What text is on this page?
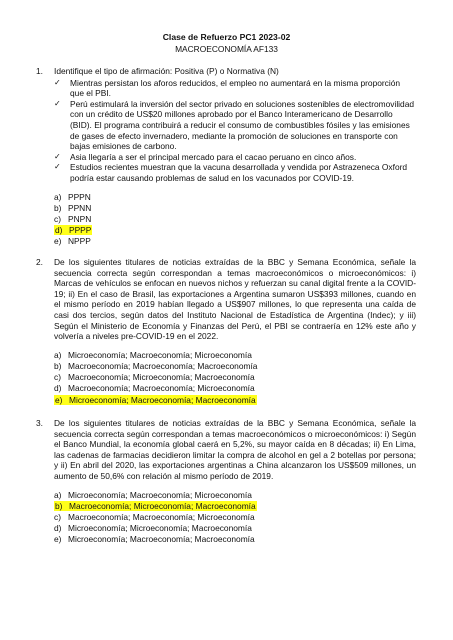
Clase de Refuerzo PC1 2023-02
MACROECONOMÍA AF133
1.	Identifique el tipo de afirmación: Positiva (P) o Normativa (N)
✓ Mientras persistan los aforos reducidos, el empleo no aumentará en la misma proporción que el PBI.
✓ Perú estimulará la inversión del sector privado en soluciones sostenibles de electromovilidad con un crédito de US$20 millones aprobado por el Banco Interamericano de Desarrollo (BID). El programa contribuirá a reducir el consumo de combustibles fósiles y las emisiones de gases de efecto invernadero, mediante la promoción de soluciones en transporte con bajas emisiones de carbono.
✓ Asia llegaría a ser el principal mercado para el cacao peruano en cinco años.
✓ Estudios recientes muestran que la vacuna desarrollada y vendida por Astrazeneca Oxford podría estar causando problemas de salud en los vacunados por COVID-19.
a) PPPN
b) PPNN
c) PNPN
d) PPPP
e) NPPP
2.	De los siguientes titulares de noticias extraídas de la BBC y Semana Económica, señale la secuencia correcta según correspondan a temas macroeconómicos o microeconómicos: i) Marcas de vehículos se enfocan en nuevos nichos y refuerzan su canal digital frente a la COVID-19; ii) En el caso de Brasil, las exportaciones a Argentina sumaron US$393 millones, cuando en el mismo período en 2019 habían llegado a US$907 millones, lo que representa una caída de casi dos tercios, según datos del Instituto Nacional de Estadística de Argentina (Indec); y iii) Según el Ministerio de Economía y Finanzas del Perú, el PBI se contraería en 12% este año y volvería a niveles pre-COVID-19 en el 2022.
a) Microeconomía; Macroeconomía; Microeconomía
b) Macroeconomía; Macroeconomía; Macroeconomía
c) Macroeconomía; Microeconomía; Macroeconomía
d) Macroeconomía; Macroeconomía; Microeconomía
e) Microeconomía; Macroeconomía; Macroeconomía
3.	De los siguientes titulares de noticias extraídas de la BBC y Semana Económica, señale la secuencia correcta según correspondan a temas macroeconómicos o microeconómicos: i) Según el Banco Mundial, la economía global caerá en 5,2%, su mayor caída en 8 décadas; ii) En Lima, las cadenas de farmacias decidieron limitar la compra de alcohol en gel a 2 botellas por persona; y ii) En abril del 2020, las exportaciones argentinas a China alcanzaron los US$509 millones, un aumento de 50,6% con relación al mismo período de 2019.
a) Microeconomía; Macroeconomía; Microeconomía
b) Macroeconomía; Microeconomía; Macroeconomía
c) Macroeconomía; Macroeconomía; Microeconomía
d) Microeconomía; Microeconomía; Macroeconomía
e) Microeconomía; Macroeconomía; Macroeconomía
